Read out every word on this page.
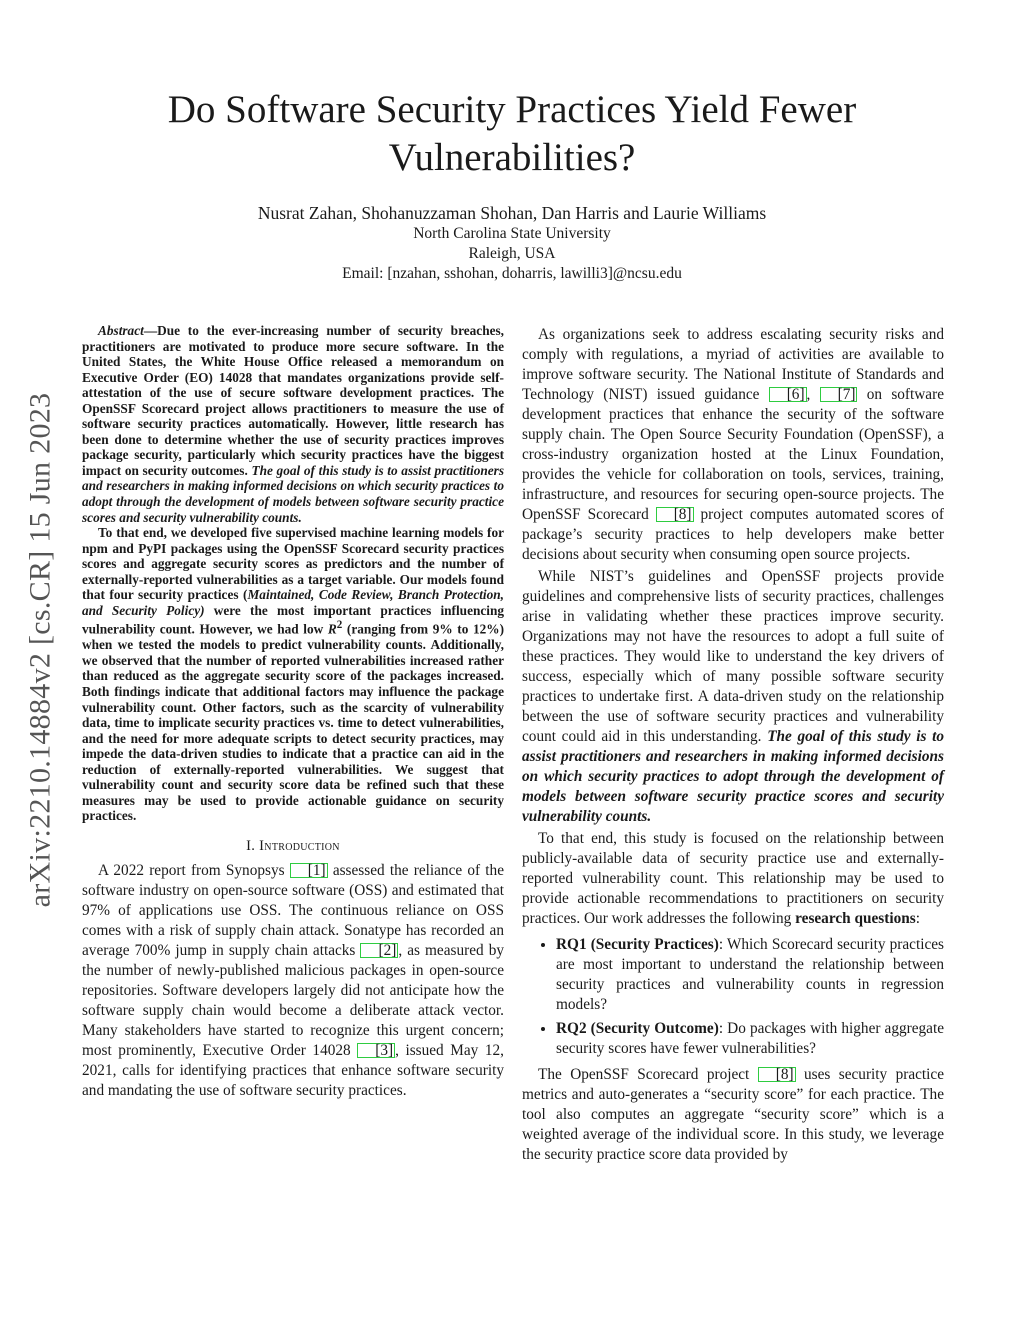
arXiv:2210.14884v2 [cs.CR] 15 Jun 2023
Do Software Security Practices Yield Fewer
Vulnerabilities?
Nusrat Zahan, Shohanuzzaman Shohan, Dan Harris and Laurie Williams
North Carolina State University
Raleigh, USA
Email: [nzahan, sshohan, doharris, lawilli3]@ncsu.edu

Abstract—Due to the ever-increasing number of security breaches, practitioners are motivated to produce more secure software. In the United States, the White House Office released a memorandum on Executive Order (EO) 14028 that mandates organizations provide self-attestation of the use of secure software development practices. The OpenSSF Scorecard project allows practitioners to measure the use of software security practices automatically. However, little research has been done to determine whether the use of security practices improves package security, particularly which security practices have the biggest impact on security outcomes. The goal of this study is to assist practitioners and researchers in making informed decisions on which security practices to adopt through the development of models between software security practice scores and security vulnerability counts.

To that end, we developed five supervised machine learning models for npm and PyPI packages using the OpenSSF Scorecard security practices scores and aggregate security scores as predictors and the number of externally-reported vulnerabilities as a target variable. Our models found that four security practices (Maintained, Code Review, Branch Protection, and Security Policy) were the most important practices influencing vulnerability count. However, we had low $R^2$ (ranging from 9% to 12%) when we tested the models to predict vulnerability counts. Additionally, we observed that the number of reported vulnerabilities increased rather than reduced as the aggregate security score of the packages increased. Both findings indicate that additional factors may influence the package vulnerability count. Other factors, such as the scarcity of vulnerability data, time to implicate security practices vs. time to detect vulnerabilities, and the need for more adequate scripts to detect security practices, may impede the data-driven studies to indicate that a practice can aid in the reduction of externally-reported vulnerabilities. We suggest that vulnerability count and security score data be refined such that these measures may be used to provide actionable guidance on security practices.

I. Introduction

A 2022 report from Synopsys [1] assessed the reliance of the software industry on open-source software (OSS) and estimated that 97% of applications use OSS. The continuous reliance on OSS comes with a risk of supply chain attack. Sonatype has recorded an average 700% jump in supply chain attacks [2] , as measured by the number of newly-published malicious packages in open-source repositories. Software developers largely did not anticipate how the software supply chain would become a deliberate attack vector. Many stakeholders have started to recognize this urgent concern; most prominently, Executive Order 14028 [3] , issued May 12, 2021, calls for identifying practices that enhance software security and mandating the use of software security practices.

As organizations seek to address escalating security risks and comply with regulations, a myriad of activities are available to improve software security. The National Institute of Standards and Technology (NIST) issued guidance [6] , [7] on software development practices that enhance the security of the software supply chain. The Open Source Security Foundation (OpenSSF), a cross-industry organization hosted at the Linux Foundation, provides the vehicle for collaboration on tools, services, training, infrastructure, and resources for securing open-source projects. The OpenSSF Scorecard [8] project computes automated scores of package’s security practices to help developers make better decisions about security when consuming open source projects.

While NIST’s guidelines and OpenSSF projects provide guidelines and comprehensive lists of security practices, challenges arise in validating whether these practices improve security. Organizations may not have the resources to adopt a full suite of these practices. They would like to understand the key drivers of success, especially which of many possible software security practices to undertake first. A data-driven study on the relationship between the use of software security practices and vulnerability count could aid in this understanding. The goal of this study is to assist practitioners and researchers in making informed decisions on which security practices to adopt through the development of models between software security practice scores and security vulnerability counts.

To that end, this study is focused on the relationship between publicly-available data of security practice use and externally-reported vulnerability count. This relationship may be used to provide actionable recommendations to practitioners on security practices. Our work addresses the following research questions:

• RQ1 (Security Practices): Which Scorecard security practices are most important to understand the relationship between security practices and vulnerability counts in regression models?
• RQ2 (Security Outcome): Do packages with higher aggregate security scores have fewer vulnerabilities?

The OpenSSF Scorecard project [8] uses security practice metrics and auto-generates a “security score” for each practice. The tool also computes an aggregate “security score” which is a weighted average of the individual score. In this study, we leverage the security practice score data provided by
